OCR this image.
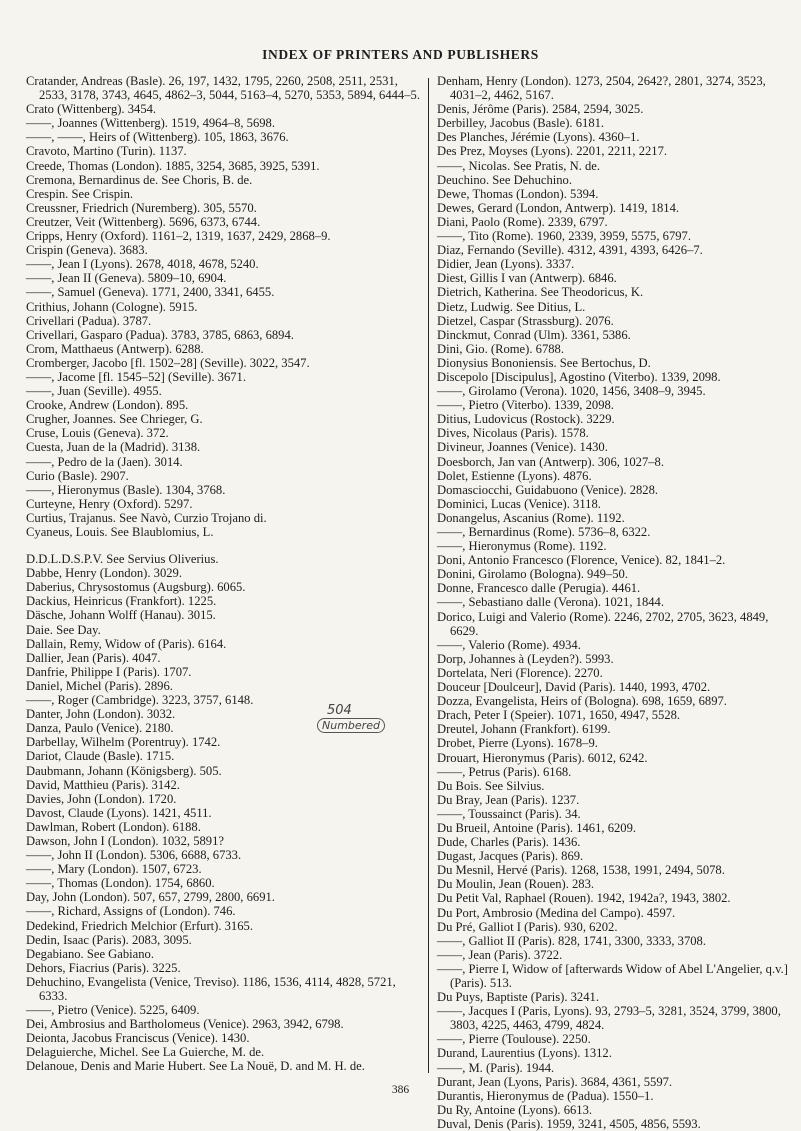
INDEX OF PRINTERS AND PUBLISHERS
Cratander, Andreas (Basle). 26, 197, 1432, 1795, 2260, 2508, 2511, 2531, 2533, 3178, 3743, 4645, 4862–3, 5044, 5163–4, 5270, 5353, 5894, 6444–5.
Crato (Wittenberg). 3454.
——, Joannes (Wittenberg). 1519, 4964–8, 5698.
——, ——, Heirs of (Wittenberg). 105, 1863, 3676.
Cravoto, Martino (Turin). 1137.
Creede, Thomas (London). 1885, 3254, 3685, 3925, 5391.
Cremona, Bernardinus de. See Choris, B. de.
Crespin. See Crispin.
Creussner, Friedrich (Nuremberg). 305, 5570.
Creutzer, Veit (Wittenberg). 5696, 6373, 6744.
Cripps, Henry (Oxford). 1161–2, 1319, 1637, 2429, 2868–9.
Crispin (Geneva). 3683.
——, Jean I (Lyons). 2678, 4018, 4678, 5240.
——, Jean II (Geneva). 5809–10, 6904.
——, Samuel (Geneva). 1771, 2400, 3341, 6455.
Crithius, Johann (Cologne). 5915.
Crivellari (Padua). 3787.
Crivellari, Gasparo (Padua). 3783, 3785, 6863, 6894.
Crom, Matthaeus (Antwerp). 6288.
Cromberger, Jacobo [fl. 1502–28] (Seville). 3022, 3547.
——, Jacome [fl. 1545–52] (Seville). 3671.
——, Juan (Seville). 4955.
Crooke, Andrew (London). 895.
Crugher, Joannes. See Chrieger, G.
Cruse, Louis (Geneva). 372.
Cuesta, Juan de la (Madrid). 3138.
——, Pedro de la (Jaen). 3014.
Curio (Basle). 2907.
——, Hieronymus (Basle). 1304, 3768.
Curteyne, Henry (Oxford). 5297.
Curtius, Trajanus. See Navò, Curzio Trojano di.
Cyaneus, Louis. See Blaublomius, L.
D.D.L.D.S.P.V. See Servius Oliverius.
Dabbe, Henry (London). 3029.
Daberius, Chrysostomus (Augsburg). 6065.
Dackius, Heinricus (Frankfort). 1225.
Däsche, Johann Wolff (Hanau). 3015.
Daie. See Day.
Dallain, Remy, Widow of (Paris). 6164.
Dallier, Jean (Paris). 4047.
Danfrie, Philippe I (Paris). 1707.
Daniel, Michel (Paris). 2896.
——, Roger (Cambridge). 3223, 3757, 6148.
Danter, John (London). 3032.
Danza, Paulo (Venice). 2180.
Darbellay, Wilhelm (Porentruy). 1742.
Dariot, Claude (Basle). 1715.
Daubmann, Johann (Königsberg). 505.
David, Matthieu (Paris). 3142.
Davies, John (London). 1720.
Davost, Claude (Lyons). 1421, 4511.
Dawlman, Robert (London). 6188.
Dawson, John I (London). 1032, 5891?
——, John II (London). 5306, 6688, 6733.
——, Mary (London). 1507, 6723.
——, Thomas (London). 1754, 6860.
Day, John (London). 507, 657, 2799, 2800, 6691.
——, Richard, Assigns of (London). 746.
Dedekind, Friedrich Melchior (Erfurt). 3165.
Dedin, Isaac (Paris). 2083, 3095.
Degabiano. See Gabiano.
Dehors, Fiacrius (Paris). 3225.
Dehuchino, Evangelista (Venice, Treviso). 1186, 1536, 4114, 4828, 5721, 6333.
——, Pietro (Venice). 5225, 6409.
Dei, Ambrosius and Bartholomeus (Venice). 2963, 3942, 6798.
Deionta, Jacobus Franciscus (Venice). 1430.
Delaguierche, Michel. See La Guierche, M. de.
Delanoue, Denis and Marie Hubert. See La Nouë, D. and M. H. de.
Denham, Henry (London). 1273, 2504, 2642?, 2801, 3274, 3523, 4031–2, 4462, 5167.
Denis, Jérôme (Paris). 2584, 2594, 3025.
Derbilley, Jacobus (Basle). 6181.
Des Planches, Jérémie (Lyons). 4360–1.
Des Prez, Moyses (Lyons). 2201, 2211, 2217.
——, Nicolas. See Pratis, N. de.
Deuchino. See Dehuchino.
Dewe, Thomas (London). 5394.
Dewes, Gerard (London, Antwerp). 1419, 1814.
Diani, Paolo (Rome). 2339, 6797.
——, Tito (Rome). 1960, 2339, 3959, 5575, 6797.
Diaz, Fernando (Seville). 4312, 4391, 4393, 6426–7.
Didier, Jean (Lyons). 3337.
Diest, Gillis I van (Antwerp). 6846.
Dietrich, Katherina. See Theodoricus, K.
Dietz, Ludwig. See Ditius, L.
Dietzel, Caspar (Strassburg). 2076.
Dinckmut, Conrad (Ulm). 3361, 5386.
Dini, Gio. (Rome). 6788.
Dionysius Bononiensis. See Bertochus, D.
Discepolo [Discipulus], Agostino (Viterbo). 1339, 2098.
——, Girolamo (Verona). 1020, 1456, 3408–9, 3945.
——, Pietro (Viterbo). 1339, 2098.
Ditius, Ludovicus (Rostock). 3229.
Dives, Nicolaus (Paris). 1578.
Divineur, Joannes (Venice). 1430.
Doesborch, Jan van (Antwerp). 306, 1027–8.
Dolet, Estienne (Lyons). 4876.
Domasciocchi, Guidabuono (Venice). 2828.
Dominici, Lucas (Venice). 3118.
Donangelus, Ascanius (Rome). 1192.
——, Bernardinus (Rome). 5736–8, 6322.
——, Hieronymus (Rome). 1192.
Doni, Antonio Francesco (Florence, Venice). 82, 1841–2.
Donini, Girolamo (Bologna). 949–50.
Donne, Francesco dalle (Perugia). 4461.
——, Sebastiano dalle (Verona). 1021, 1844.
Dorico, Luigi and Valerio (Rome). 2246, 2702, 2705, 3623, 4849, 6629.
——, Valerio (Rome). 4934.
Dorp, Johannes à (Leyden?). 5993.
Dortelata, Neri (Florence). 2270.
Douceur [Doulceur], David (Paris). 1440, 1993, 4702.
Dozza, Evangelista, Heirs of (Bologna). 698, 1659, 6897.
Drach, Peter I (Speier). 1071, 1650, 4947, 5528.
Dreutel, Johann (Frankfort). 6199.
Drobet, Pierre (Lyons). 1678–9.
Drouart, Hieronymus (Paris). 6012, 6242.
——, Petrus (Paris). 6168.
Du Bois. See Silvius.
Du Bray, Jean (Paris). 1237.
——, Toussainct (Paris). 34.
Du Brueil, Antoine (Paris). 1461, 6209.
Dude, Charles (Paris). 1436.
Dugast, Jacques (Paris). 869.
Du Mesnil, Hervé (Paris). 1268, 1538, 1991, 2494, 5078.
Du Moulin, Jean (Rouen). 283.
Du Petit Val, Raphael (Rouen). 1942, 1942a?, 1943, 3802.
Du Port, Ambrosio (Medina del Campo). 4597.
Du Pré, Galliot I (Paris). 930, 6202.
——, Galliot II (Paris). 828, 1741, 3300, 3333, 3708.
——, Jean (Paris). 3722.
——, Pierre I, Widow of [afterwards Widow of Abel L'Angelier, q.v.] (Paris). 513.
Du Puys, Baptiste (Paris). 3241.
——, Jacques I (Paris, Lyons). 93, 2793–5, 3281, 3524, 3799, 3800, 3803, 4225, 4463, 4799, 4824.
——, Pierre (Toulouse). 2250.
Durand, Laurentius (Lyons). 1312.
——, M. (Paris). 1944.
Durant, Jean (Lyons, Paris). 3684, 4361, 5597.
Durantis, Hieronymus de (Padua). 1550–1.
Du Ry, Antoine (Lyons). 6613.
Duval, Denis (Paris). 1959, 3241, 4505, 4856, 5593.
504
Numbered
386
